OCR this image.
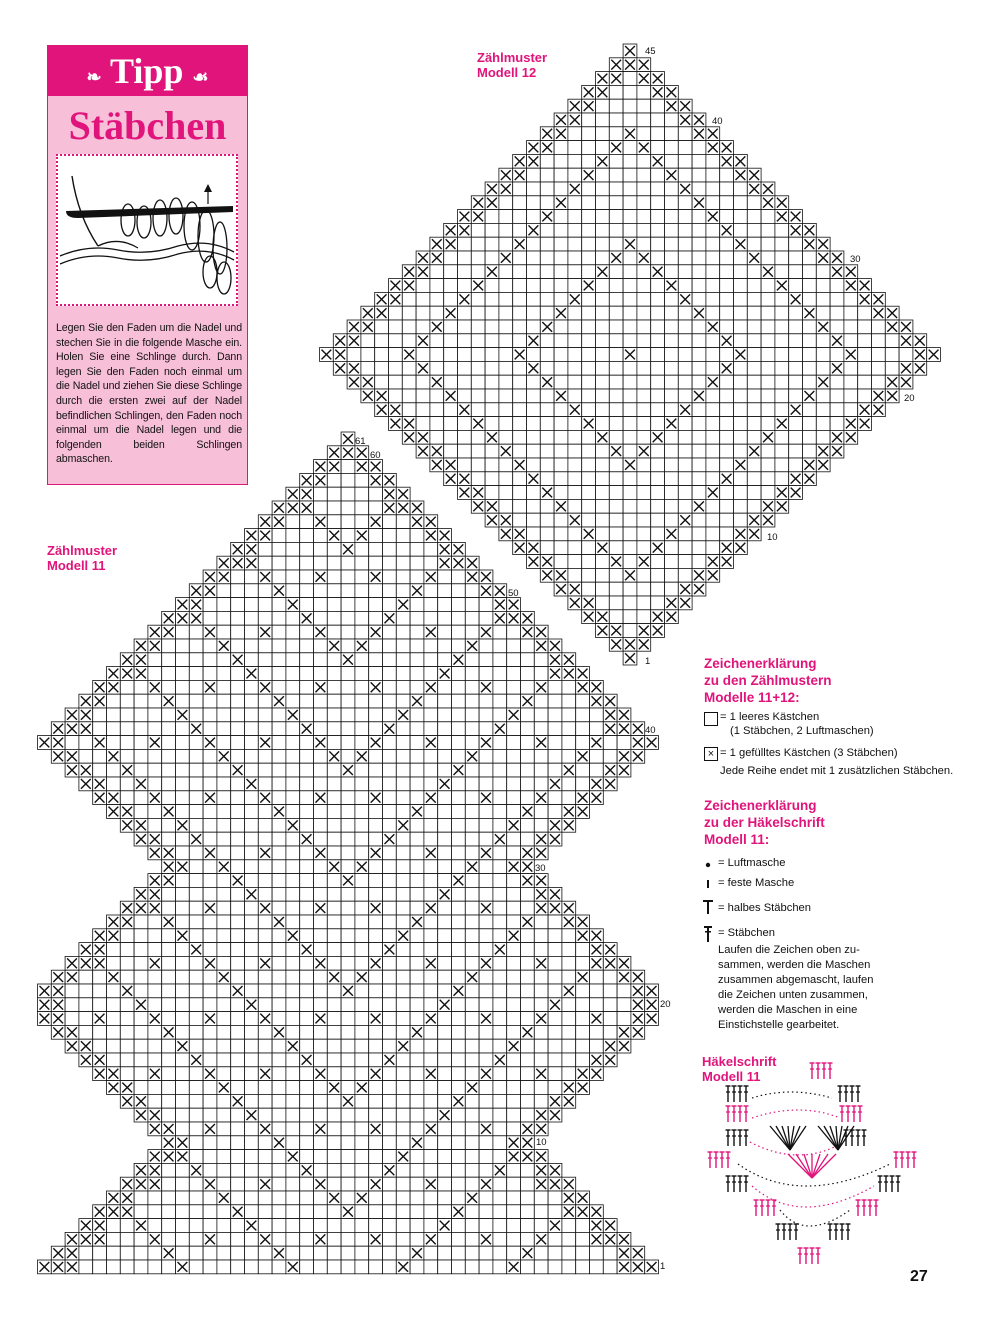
❧ Tipp ☙
Stäbchen
Legen Sie den Faden um die Nadel und stechen Sie in die folgende Masche ein. Holen Sie eine Schlinge durch. Dann legen Sie den Faden noch einmal um die Nadel und ziehen Sie diese Schlinge durch die ersten zwei auf der Nadel befindlichen Schlingen, den Faden noch einmal um die Nadel legen und die folgenden beiden Schlingen abmaschen.
Zählmuster
Modell 12
Zählmuster
Modell 11
45
40
30
20
10
1
61
60
50
40
30
20
10
1
Zeichenerklärung
zu den Zählmustern
Modelle 11+12:
= 1 leeres Kästchen
(1 Stäbchen, 2 Luftmaschen)
× = 1 gefülltes Kästchen (3 Stäbchen)
Jede Reihe endet mit 1 zusätzlichen Stäbchen.
Zeichenerklärung
zu der Häkelschrift
Modell 11:
= Luftmasche
= feste Masche
= halbes Stäbchen
= Stäbchen
Laufen die Zeichen oben zu-
sammen, werden die Maschen
zusammen abgemascht, laufen
die Zeichen unten zusammen,
werden die Maschen in eine
Einstichstelle gearbeitet.
Häkelschrift
Modell 11
27
